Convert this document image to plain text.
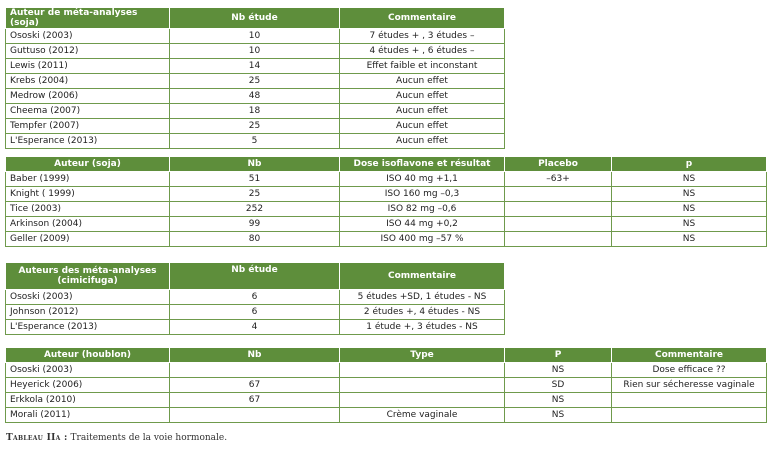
Auteur de méta-analyses (soja)	Nb étude	Commentaire
Ososki (2003)	10	7 études + , 3 études –
Guttuso (2012)	10	4 études + , 6 études –
Lewis (2011)	14	Effet faible et inconstant
Krebs (2004)	25	Aucun effet
Medrow (2006)	48	Aucun effet
Cheema (2007)	18	Aucun effet
Tempfer (2007)	25	Aucun effet
L'Esperance (2013)	5	Aucun effet
Auteur (soja)	Nb	Dose isoflavone et résultat	Placebo	p
Baber (1999)	51	ISO 40 mg +1,1	–63+	NS
Knight ( 1999)	25	ISO 160 mg –0,3		NS
Tice (2003)	252	ISO 82 mg –0,6		NS
Arkinson (2004)	99	ISO 44 mg +0,2		NS
Geller (2009)	80	ISO 400 mg –57 %		NS
Auteurs des méta-analyses (cimicifuga)	Nb étude	Commentaire
Ososki (2003)	6	5 études +SD, 1 études - NS
Johnson (2012)	6	2 études +, 4 études - NS
L'Esperance (2013)	4	1 étude +, 3 études - NS
Auteur (houblon)	Nb	Type	P	Commentaire
Ososki (2003)			NS	Dose efficace ??
Heyerick (2006)	67		SD	Rien sur sécheresse vaginale
Erkkola (2010)	67		NS	
Morali (2011)		Crème vaginale	NS	
Tableau IIa : Traitements de la voie hormonale.
